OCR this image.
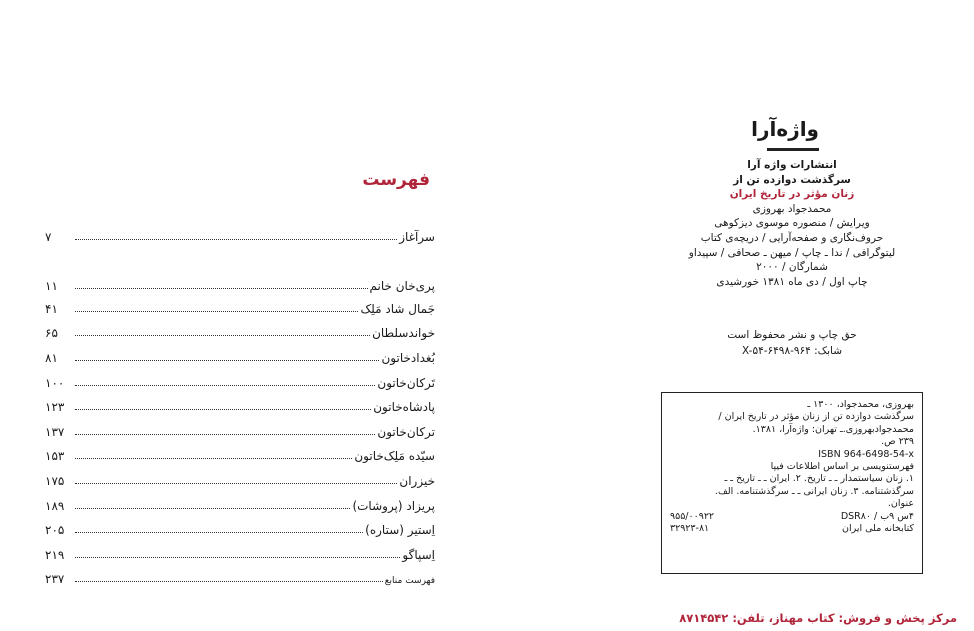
فهرست
سرآغاز
۷
پری‌خان خانم
۱۱
جَمال شاد مَلِک
۴۱
خواندسلطان
۶۵
بُغدادخاتون
۸۱
تَرکان‌خاتون
۱۰۰
پادشاه‌خاتون
۱۲۳
ترکان‌خاتون
۱۳۷
سیّده مَلِک‌خاتون
۱۵۳
خیزران
۱۷۵
پریزاد (پروشات)
۱۸۹
اِستیر (ستاره)
۲۰۵
اِسپاگو
۲۱۹
فهرست منابع
۲۳۷
واژه‌آرا
انتشارات واژه آرا
سرگذشت دوازده تن از
زنان مؤثر در تاریخ ایران
محمدجواد بهروزی
ویرایش / منصوره موسوی دیزکوهی
حروف‌نگاری و صفحه‌آرایی / دریچه‌ی کتاب
لیتوگرافی / ندا ـ چاپ / میهن ـ صحافی / سپیداو
شمارگان / ۲۰۰۰
چاپ اول / دی ماه ۱۳۸۱ خورشیدی
حق چاپ و نشر محفوظ است
شابک: X-۵۴-۶۴۹۸-۹۶۴
بهروزی، محمدجواد، ۱۳۰۰ ـ
سرگذشت دوازده تن از زنان مؤثر در تاریخ ایران /
محمدجوادبهروزی.ـ تهران: واژه‌آرا، ۱۳۸۱.
۲۳۹ ص.
ISBN 964-6498-54-x
فهرستنویسی بر اساس اطلاعات فیپا
۱. زنان سیاستمدار ـ ـ تاریخ. ۲. ایران ـ ـ تاریخ ـ ـ
سرگذشتنامه. ۳. زنان ایرانی ـ ـ سرگذشتنامه. الف.
عنوان.
۴س ۹ب / DSR۸۰
۹۵۵/۰۰۹۲۲
کتابخانه ملی ایران
۳۲۹۲۳-۸۱
مرکز پخش و فروش: کتاب مهناز، تلفن: ۸۷۱۴۵۴۲
